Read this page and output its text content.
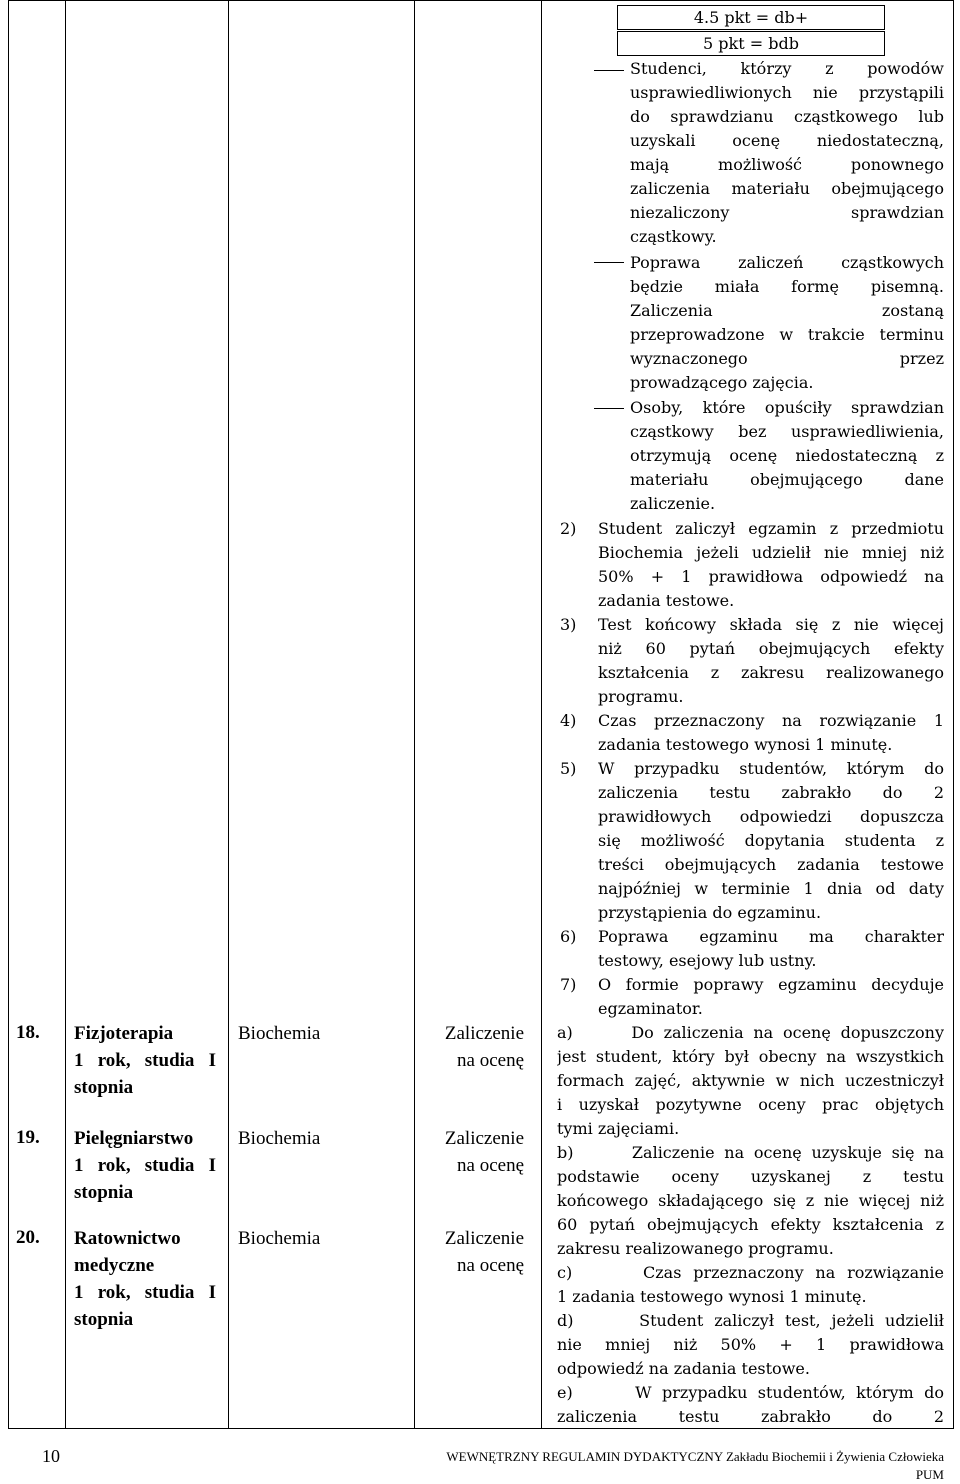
4.5 pkt = db+
5 pkt = bdb
Studenci, którzy z powodów
usprawiedliwionych nie przystąpili
do sprawdzianu cząstkowego lub
uzyskali ocenę niedostateczną,
mają możliwość ponownego
zaliczenia materiału obejmującego
niezaliczony sprawdzian
cząstkowy.
Poprawa zaliczeń cząstkowych
będzie miała formę pisemną.
Zaliczenia zostaną
przeprowadzone w trakcie terminu
wyznaczonego przez
prowadzącego zajęcia.
Osoby, które opuściły sprawdzian
cząstkowy bez usprawiedliwienia,
otrzymują ocenę niedostateczną z
materiału obejmującego dane
zaliczenie.
2) Student zaliczył egzamin z przedmiotu
Biochemia jeżeli udzielił nie mniej niż
50% + 1 prawidłowa odpowiedź na
zadania testowe.
3) Test końcowy składa się z nie więcej
niż 60 pytań obejmujących efekty
kształcenia z zakresu realizowanego
programu.
4) Czas przeznaczony na rozwiązanie 1
zadania testowego wynosi 1 minutę.
5) W przypadku studentów, którym do
zaliczenia testu zabrakło do 2
prawidłowych odpowiedzi dopuszcza
się możliwość dopytania studenta z
treści obejmujących zadania testowe
najpóźniej w terminie 1 dnia od daty
przystąpienia do egzaminu.
6) Poprawa egzaminu ma charakter
testowy, esejowy lub ustny.
7) O formie poprawy egzaminu decyduje
egzaminator.
18.
19.
20.
Fizjoterapia
1 rok, studia I
stopnia
Pielęgniarstwo
1 rok, studia I
stopnia
Ratownictwo
medyczne
1 rok, studia I
stopnia
Biochemia
Biochemia
Biochemia
Zaliczenie
na ocenę
Zaliczenie
na ocenę
Zaliczenie
na ocenę
a)      Do zaliczenia na ocenę dopuszczony
jest student, który był obecny na wszystkich
formach zajęć, aktywnie w nich uczestniczył
i uzyskał pozytywne oceny prac objętych
tymi zajęciami.
b)      Zaliczenie na ocenę uzyskuje się na
podstawie oceny uzyskanej z testu
końcowego składającego się z nie więcej niż
60 pytań obejmujących efekty kształcenia z
zakresu realizowanego programu.
c)      Czas przeznaczony na rozwiązanie
1 zadania testowego wynosi 1 minutę.
d)      Student zaliczył test, jeżeli udzielił
nie mniej niż 50% + 1 prawidłowa
odpowiedź na zadania testowe.
e)      W przypadku studentów, którym do
zaliczenia testu zabrakło do 2
10	WEWNĘTRZNY REGULAMIN DYDAKTYCZNY Zakładu Biochemii i Żywienia Człowieka
PUM
